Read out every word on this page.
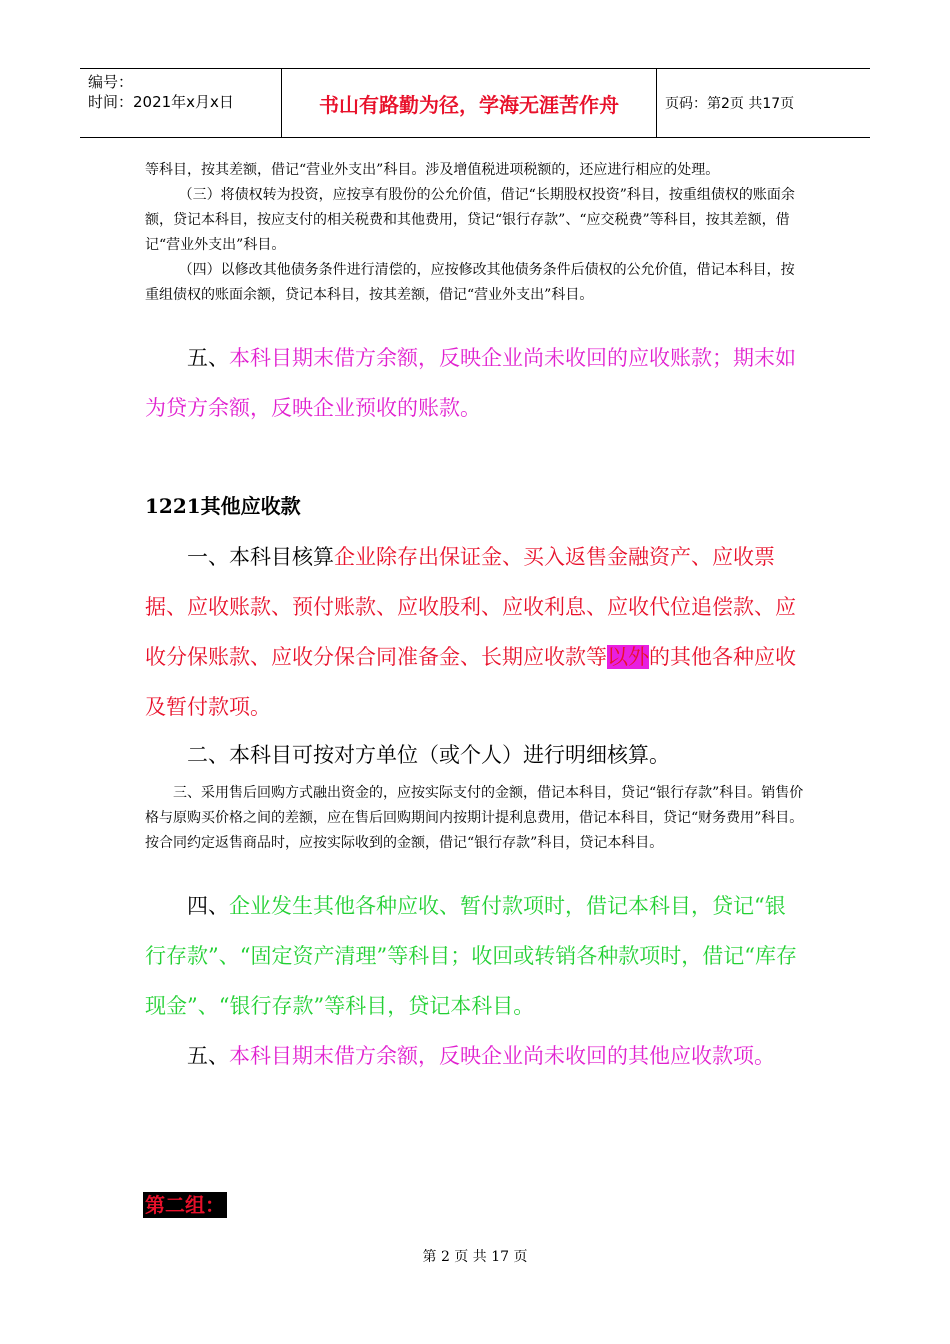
编号：
时间：2021年x月x日	书山有路勤为径，学海无涯苦作舟	页码：第2页 共17页

等科目，按其差额，借记“营业外支出”科目。涉及增值税进项税额的，还应进行相应的处理。

（三）将债权转为投资，应按享有股份的公允价值，借记“长期股权投资”科目，按重组债权的账面余额，贷记本科目，按应支付的相关税费和其他费用，贷记“银行存款”、“应交税费”等科目，按其差额，借记“营业外支出”科目。

（四）以修改其他债务条件进行清偿的，应按修改其他债务条件后债权的公允价值，借记本科目，按重组债权的账面余额，贷记本科目，按其差额，借记“营业外支出”科目。

五、本科目期末借方余额，反映企业尚未收回的应收账款；期末如为贷方余额，反映企业预收的账款。

1221其他应收款

一、本科目核算企业除存出保证金、买入返售金融资产、应收票据、应收账款、预付账款、应收股利、应收利息、应收代位追偿款、应收分保账款、应收分保合同准备金、长期应收款等以外的其他各种应收及暂付款项。

二、本科目可按对方单位（或个人）进行明细核算。

三、采用售后回购方式融出资金的，应按实际支付的金额，借记本科目，贷记“银行存款”科目。销售价格与原购买价格之间的差额，应在售后回购期间内按期计提利息费用，借记本科目，贷记“财务费用”科目。按合同约定返售商品时，应按实际收到的金额，借记“银行存款”科目，贷记本科目。

四、企业发生其他各种应收、暂付款项时，借记本科目，贷记“银行存款”、“固定资产清理”等科目；收回或转销各种款项时，借记“库存现金”、“银行存款”等科目，贷记本科目。

五、本科目期末借方余额，反映企业尚未收回的其他应收款项。

第二组：
第 2 页 共 17 页
